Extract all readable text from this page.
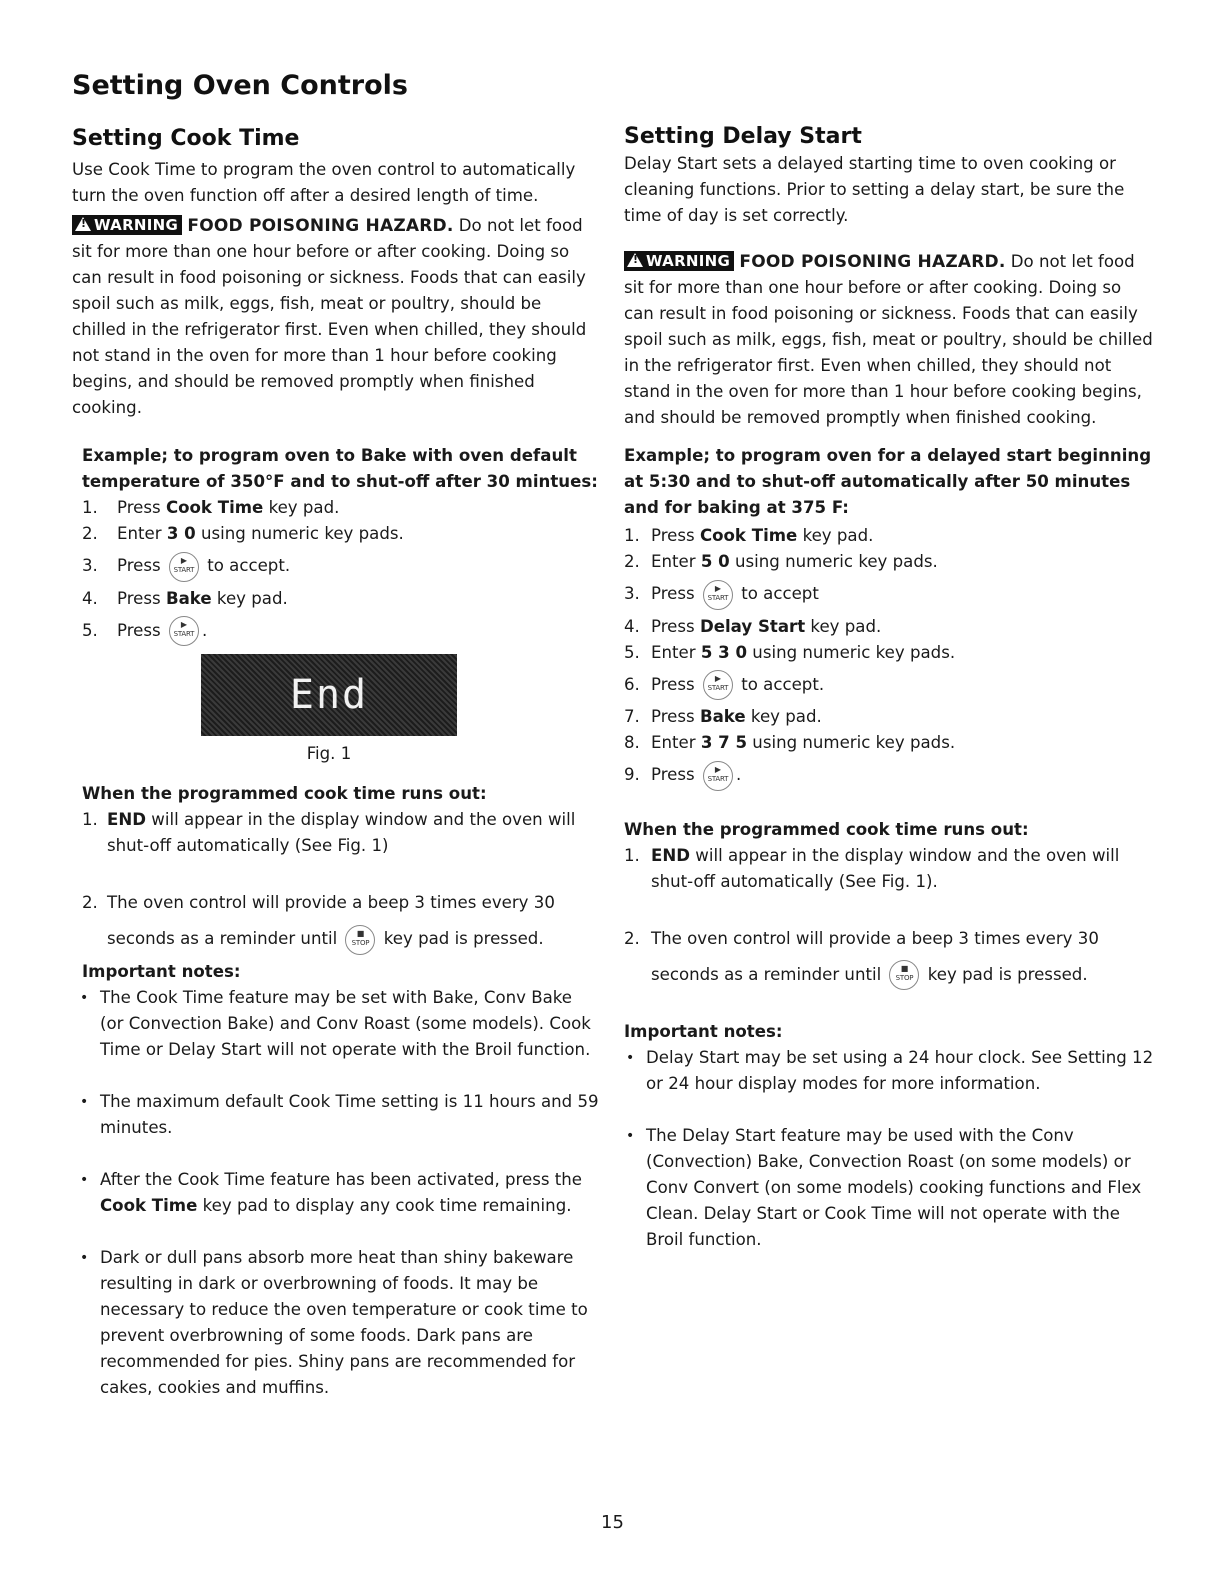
Setting Oven Controls
Setting Cook Time

Use Cook Time to program the oven control to automatically turn the oven function off after a desired length of time.

!WARNING FOOD POISONING HAZARD. Do not let food sit for more than one hour before or after cooking. Doing so can result in food poisoning or sickness. Foods that can easily spoil such as milk, eggs, fish, meat or poultry, should be chilled in the refrigerator first. Even when chilled, they should not stand in the oven for more than 1 hour before cooking begins, and should be removed promptly when finished cooking.

Example; to program oven to Bake with oven default temperature of 350°F and to shut-off after 30 mintues:

1. Press Cook Time key pad.
2. Enter 3 0 using numeric key pads.
3. Press	▶
START to accept.
4. Press Bake key pad.
5. Press	▶
START .
End

Fig. 1

When the programmed cook time runs out:

1. END will appear in the display window and the oven will shut-off automatically (See Fig. 1)
2. The oven control will provide a beep 3 times every 30 seconds as a reminder until	■
STOP key pad is pressed.

Important notes:

• The Cook Time feature may be set with Bake, Conv Bake (or Convection Bake) and Conv Roast (some models). Cook Time or Delay Start will not operate with the Broil function.
• The maximum default Cook Time setting is 11 hours and 59 minutes.
• After the Cook Time feature has been activated, press the Cook Time key pad to display any cook time remaining.
• Dark or dull pans absorb more heat than shiny bakeware resulting in dark or overbrowning of foods. It may be necessary to reduce the oven temperature or cook time to prevent overbrowning of some foods. Dark pans are recommended for pies. Shiny pans are recommended for cakes, cookies and muffins.
Setting Delay Start

Delay Start sets a delayed starting time to oven cooking or cleaning functions. Prior to setting a delay start, be sure the time of day is set correctly.

!WARNING FOOD POISONING HAZARD. Do not let food sit for more than one hour before or after cooking. Doing so can result in food poisoning or sickness. Foods that can easily spoil such as milk, eggs, fish, meat or poultry, should be chilled in the refrigerator first. Even when chilled, they should not stand in the oven for more than 1 hour before cooking begins, and should be removed promptly when finished cooking.

Example; to program oven for a delayed start beginning at 5:30 and to shut-off automatically after 50 minutes and for baking at 375 F:

1. Press Cook Time key pad.
2. Enter 5 0 using numeric key pads.
3. Press	▶
START to accept
4. Press Delay Start key pad.
5. Enter 5 3 0 using numeric key pads.
6. Press	▶
START to accept.
7. Press Bake key pad.
8. Enter 3 7 5 using numeric key pads.
9. Press	▶
START .

When the programmed cook time runs out:

1. END will appear in the display window and the oven will shut-off automatically (See Fig. 1).
2. The oven control will provide a beep 3 times every 30 seconds as a reminder until	■
STOP key pad is pressed.

Important notes:

• Delay Start may be set using a 24 hour clock. See Setting 12 or 24 hour display modes for more information.
• The Delay Start feature may be used with the Conv (Convection) Bake, Convection Roast (on some models) or Conv Convert (on some models) cooking functions and Flex Clean. Delay Start or Cook Time will not operate with the Broil function.
15
